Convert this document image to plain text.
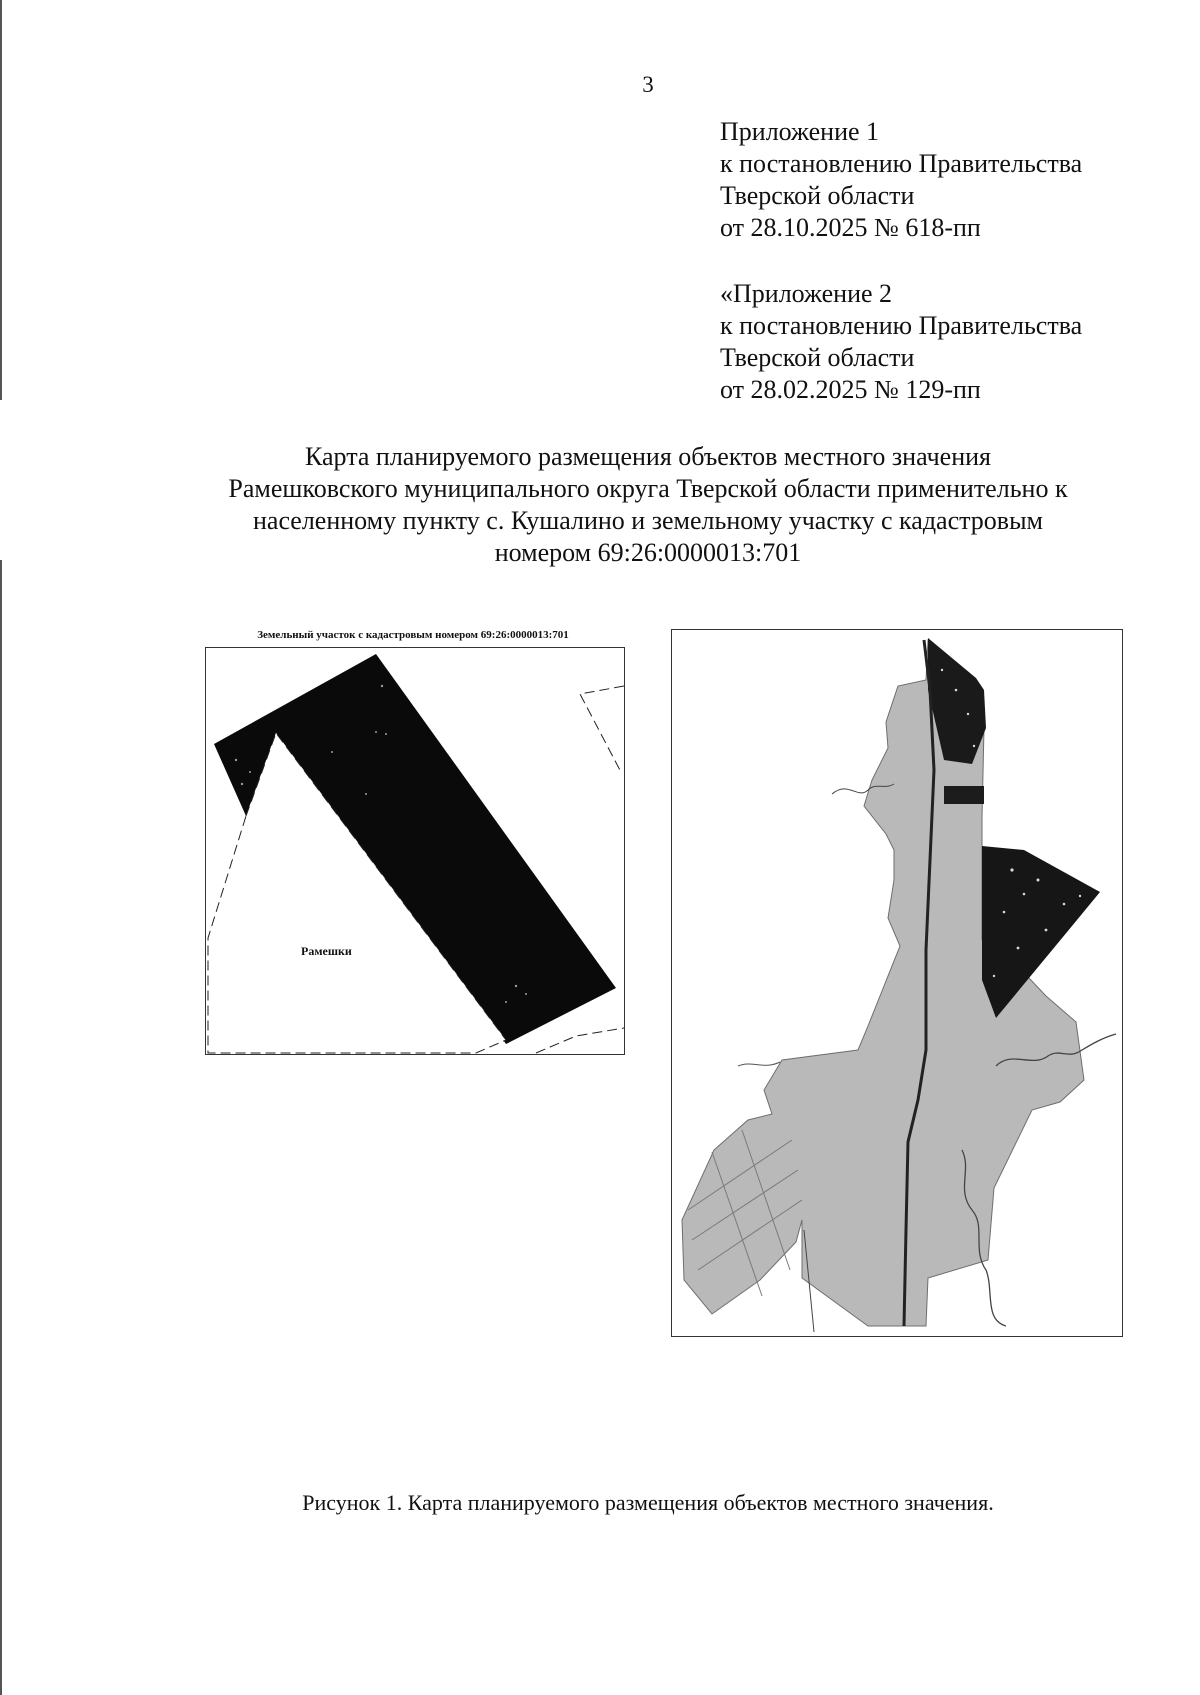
3
Приложение 1
к постановлению Правительства
Тверской области
от 28.10.2025 № 618-пп
«Приложение 2
к постановлению Правительства
Тверской области
от 28.02.2025 № 129-пп
Карта планируемого размещения объектов местного значения
Рамешковского муниципального округа Тверской области применительно к
населенному пункту с. Кушалино и земельному участку с кадастровым
номером 69:26:0000013:701
Земельный участок с кадастровым номером 69:26:0000013:701
Рамешки
Рисунок 1. Карта планируемого размещения объектов местного значения.
